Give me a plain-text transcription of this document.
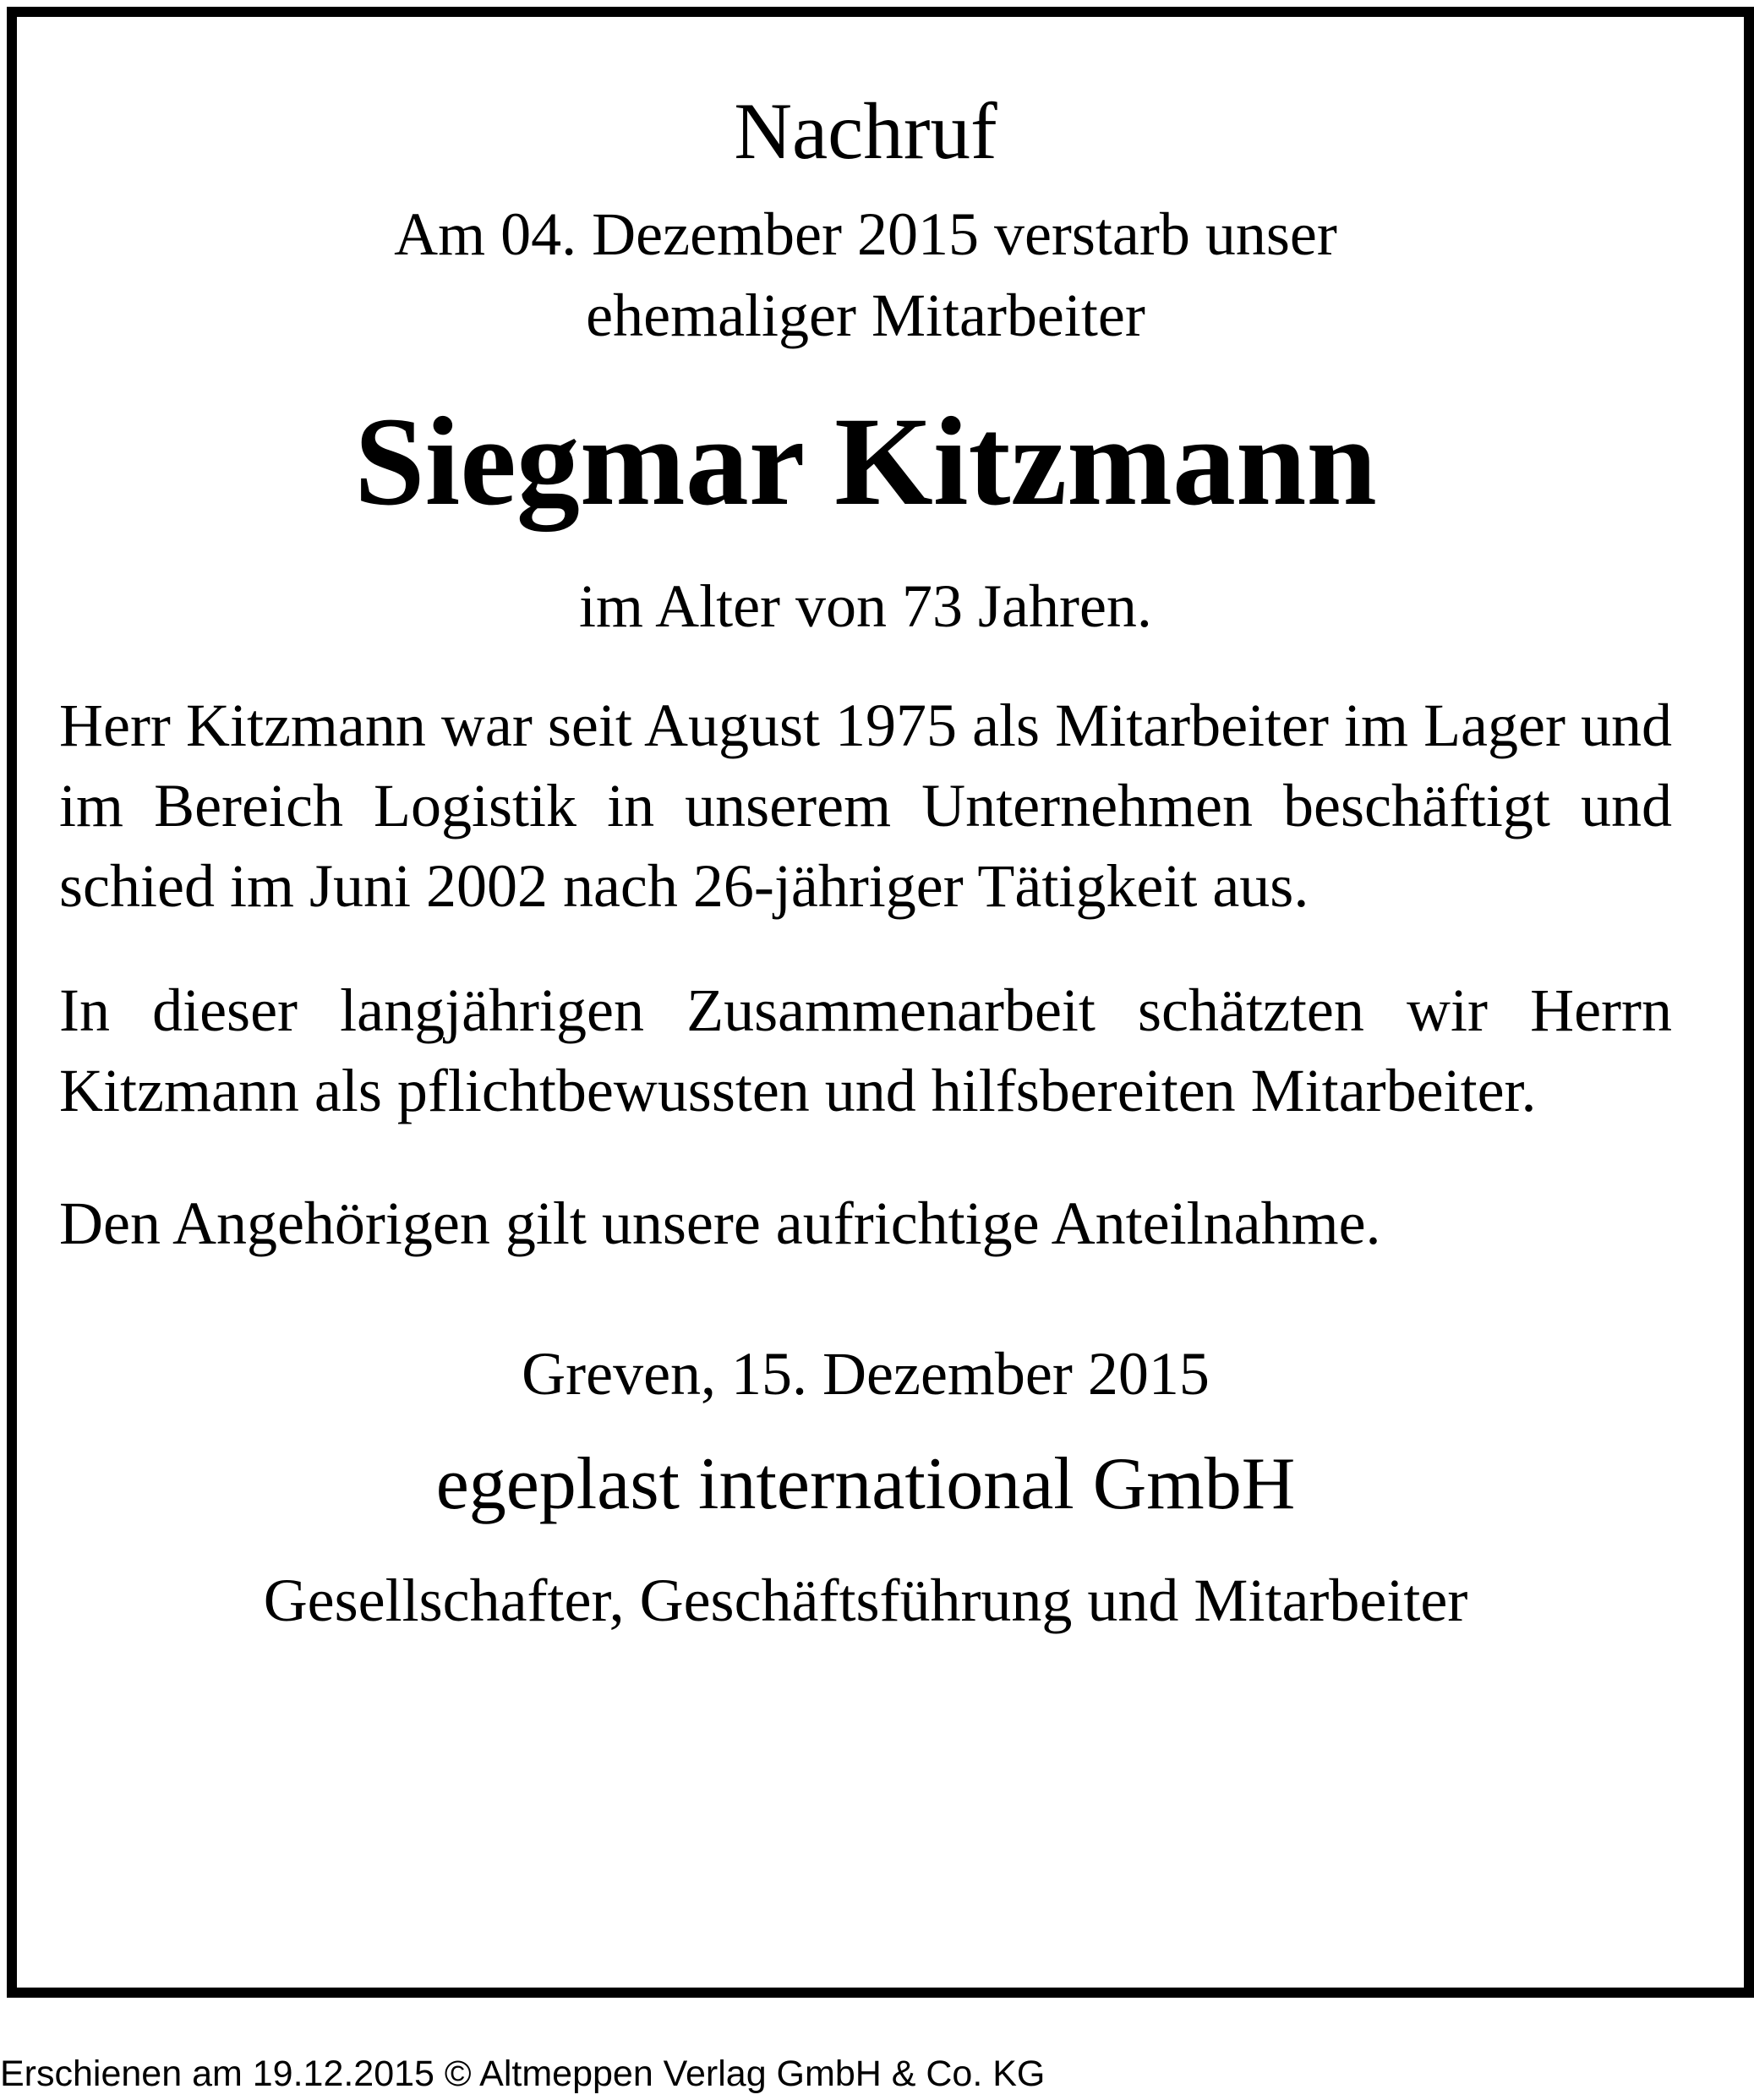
Nachruf

Am 04. Dezember 2015 verstarb unser

ehemaliger Mitarbeiter

Siegmar Kitzmann

im Alter von 73 Jahren.

Herr Kitzmann war seit August 1975 als Mitarbeiter im Lager und im Bereich Logistik in unserem Unternehmen beschäftigt und schied im Juni 2002 nach 26-jähriger Tätigkeit aus.

In dieser langjährigen Zusammenarbeit schätzten wir Herrn Kitzmann als pflichtbewussten und hilfsbereiten Mitarbeiter.

Den Angehörigen gilt unsere aufrichtige Anteilnahme.

Greven, 15. Dezember 2015

egeplast international GmbH

Gesellschafter, Geschäftsführung und Mitarbeiter

Erschienen am 19.12.2015 © Altmeppen Verlag GmbH & Co. KG
